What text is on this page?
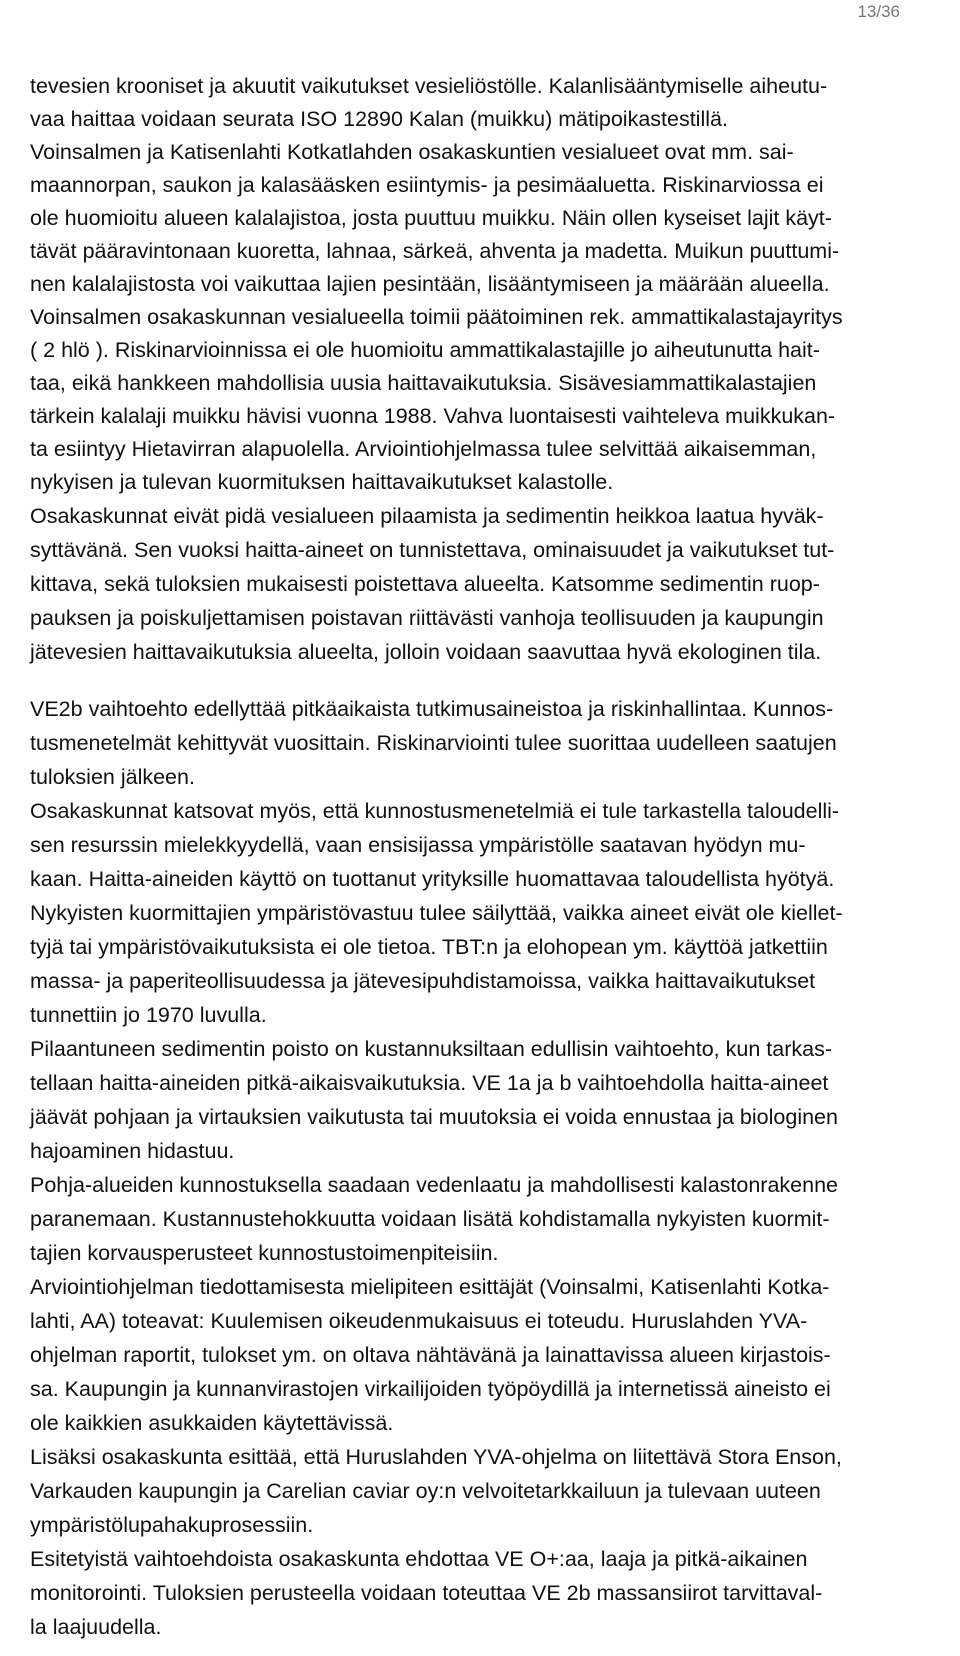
13/36
tevesien krooniset ja akuutit vaikutukset vesieliöstölle. Kalanlisääntymiselle aiheutu-
vaa haittaa voidaan seurata ISO 12890 Kalan (muikku) mätipoikastestillä.
Voinsalmen ja Katisenlahti Kotkatlahden osakaskuntien vesialueet ovat mm. sai-
maannorpan, saukon ja kalasääsken esiintymis- ja pesimäaluetta. Riskinarviossa ei
ole huomioitu alueen kalalajistoa, josta puuttuu muikku. Näin ollen kyseiset lajit käyt-
tävät pääravintonaan kuoretta, lahnaa, särkeä, ahventa ja madetta. Muikun puuttumi-
nen kalalajistosta voi vaikuttaa lajien pesintään, lisääntymiseen ja määrään alueella.
Voinsalmen osakaskunnan vesialueella toimii päätoiminen rek. ammattikalastajayritys
( 2 hlö ). Riskinarvioinnissa ei ole huomioitu ammattikalastajille jo aiheutunutta hait-
taa, eikä hankkeen mahdollisia uusia haittavaikutuksia. Sisävesiammattikalastajien
tärkein kalalaji muikku hävisi vuonna 1988. Vahva luontaisesti vaihteleva muikkukan-
ta esiintyy Hietavirran alapuolella. Arviointiohjelmassa tulee selvittää aikaisemman,
nykyisen ja tulevan kuormituksen haittavaikutukset kalastolle.
Osakaskunnat eivät pidä vesialueen pilaamista ja sedimentin heikkoa laatua hyväk-
syttävänä. Sen vuoksi haitta-aineet on tunnistettava, ominaisuudet ja vaikutukset tut-
kittava, sekä tuloksien mukaisesti poistettava alueelta. Katsomme sedimentin ruop-
pauksen ja poiskuljettamisen poistavan riittävästi vanhoja teollisuuden ja kaupungin
jätevesien haittavaikutuksia alueelta, jolloin voidaan saavuttaa hyvä ekologinen tila.
VE2b vaihtoehto edellyttää pitkäaikaista tutkimusaineistoa ja riskinhallintaa. Kunnos-
tusmenetelmät kehittyvät vuosittain. Riskinarviointi tulee suorittaa uudelleen saatujen
tuloksien jälkeen.
Osakaskunnat katsovat myös, että kunnostusmenetelmiä ei tule tarkastella taloudelli-
sen resurssin mielekkyydellä, vaan ensisijassa ympäristölle saatavan hyödyn mu-
kaan. Haitta-aineiden käyttö on tuottanut yrityksille huomattavaa taloudellista hyötyä.
Nykyisten kuormittajien ympäristövastuu tulee säilyttää, vaikka aineet eivät ole kiellet-
tyjä tai ympäristövaikutuksista ei ole tietoa. TBT:n ja elohopean ym. käyttöä jatkettiin
massa- ja paperiteollisuudessa ja jätevesipuhdistamoissa, vaikka haittavaikutukset
tunnettiin jo 1970 luvulla.
Pilaantuneen sedimentin poisto on kustannuksiltaan edullisin vaihtoehto, kun tarkas-
tellaan haitta-aineiden pitkä-aikaisvaikutuksia. VE 1a ja b vaihtoehdolla haitta-aineet
jäävät pohjaan ja virtauksien vaikutusta tai muutoksia ei voida ennustaa ja biologinen
hajoaminen hidastuu.
Pohja-alueiden kunnostuksella saadaan vedenlaatu ja mahdollisesti kalastonrakenne
paranemaan. Kustannustehokkuutta voidaan lisätä kohdistamalla nykyisten kuormit-
tajien korvausperusteet kunnostustoimenpiteisiin.
Arviointiohjelman tiedottamisesta mielipiteen esittäjät (Voinsalmi, Katisenlahti Kotka-
lahti, AA) toteavat: Kuulemisen oikeudenmukaisuus ei toteudu. Huruslahden YVA-
ohjelman raportit, tulokset ym. on oltava nähtävänä ja lainattavissa alueen kirjastois-
sa. Kaupungin ja kunnanvirastojen virkailijoiden työpöydillä ja internetissä aineisto ei
ole kaikkien asukkaiden käytettävissä.
Lisäksi osakaskunta esittää, että Huruslahden YVA-ohjelma on liitettävä Stora Enson,
Varkauden kaupungin ja Carelian caviar oy:n velvoitetarkkailuun ja tulevaan uuteen
ympäristölupahakuprosessiin.
Esitetyistä vaihtoehdoista osakaskunta ehdottaa VE O+:aa, laaja ja pitkä-aikainen
monitorointi. Tuloksien perusteella voidaan toteuttaa VE 2b massansiirot tarvittaval-
la laajuudella.
